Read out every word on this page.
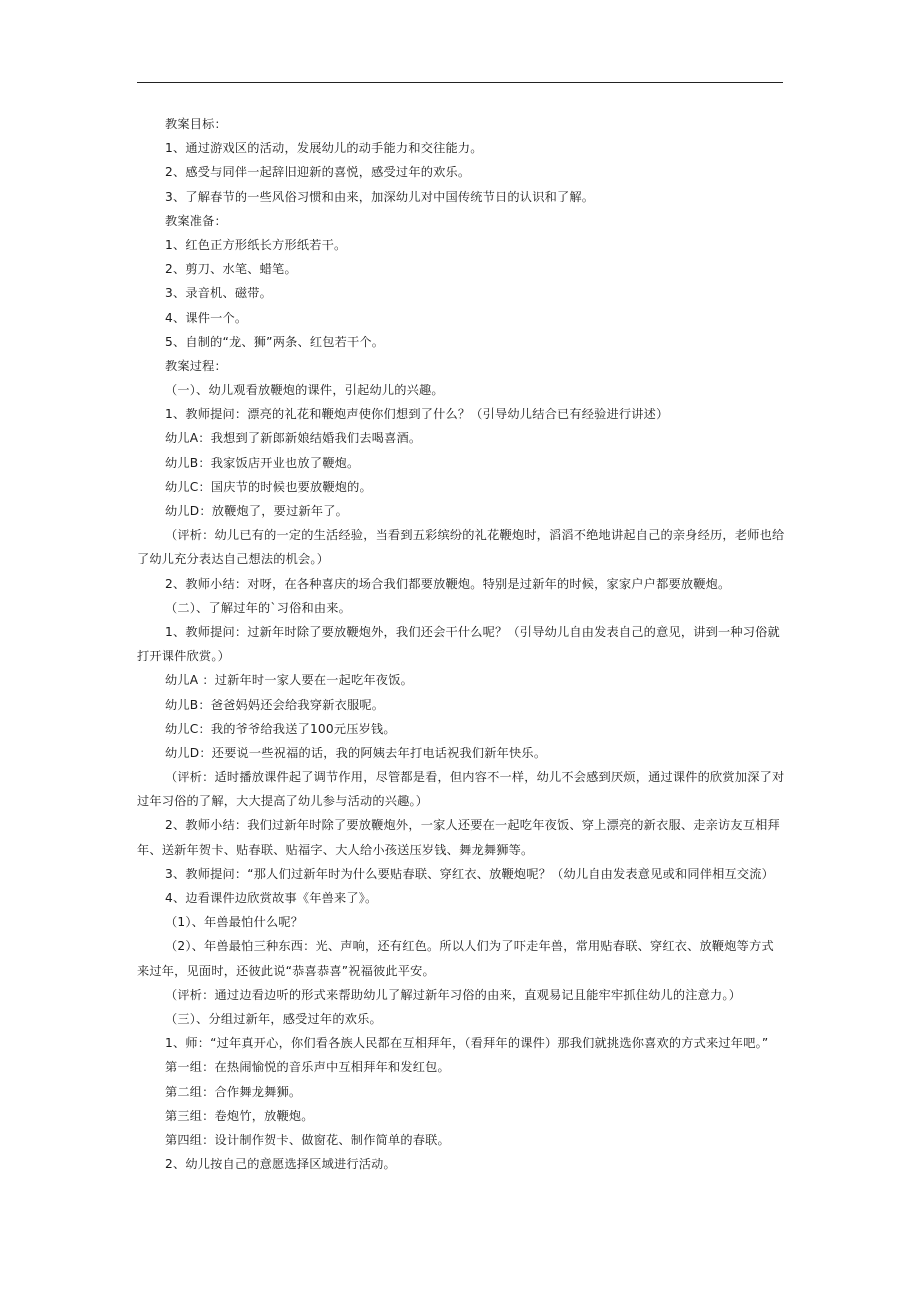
教案目标：
1、通过游戏区的活动，发展幼儿的动手能力和交往能力。
2、感受与同伴一起辞旧迎新的喜悦，感受过年的欢乐。
3、了解春节的一些风俗习惯和由来，加深幼儿对中国传统节日的认识和了解。
教案准备：
1、红色正方形纸长方形纸若干。
2、剪刀、水笔、蜡笔。
3、录音机、磁带。
4、课件一个。
5、自制的“龙、狮”两条、红包若干个。
教案过程：
（一）、幼儿观看放鞭炮的课件，引起幼儿的兴趣。
1、教师提问：漂亮的礼花和鞭炮声使你们想到了什么？（引导幼儿结合已有经验进行讲述）
幼儿A：我想到了新郎新娘结婚我们去喝喜酒。
幼儿B：我家饭店开业也放了鞭炮。
幼儿C：国庆节的时候也要放鞭炮的。
幼儿D：放鞭炮了，要过新年了。
（评析：幼儿已有的一定的生活经验，当看到五彩缤纷的礼花鞭炮时，滔滔不绝地讲起自己的亲身经历，老师也给
了幼儿充分表达自己想法的机会。）
2、教师小结：对呀，在各种喜庆的场合我们都要放鞭炮。特别是过新年的时候，家家户户都要放鞭炮。
（二）、了解过年的`习俗和由来。
1、教师提问：过新年时除了要放鞭炮外，我们还会干什么呢？（引导幼儿自由发表自己的意见，讲到一种习俗就
打开课件欣赏。）
幼儿A ：过新年时一家人要在一起吃年夜饭。
幼儿B：爸爸妈妈还会给我穿新衣服呢。
幼儿C：我的爷爷给我送了100元压岁钱。
幼儿D：还要说一些祝福的话，我的阿姨去年打电话祝我们新年快乐。
（评析：适时播放课件起了调节作用，尽管都是看，但内容不一样，幼儿不会感到厌烦，通过课件的欣赏加深了对
过年习俗的了解，大大提高了幼儿参与活动的兴趣。）
2、教师小结：我们过新年时除了要放鞭炮外，一家人还要在一起吃年夜饭、穿上漂亮的新衣服、走亲访友互相拜
年、送新年贺卡、贴春联、贴福字、大人给小孩送压岁钱、舞龙舞狮等。
3、教师提问：“那人们过新年时为什么要贴春联、穿红衣、放鞭炮呢？（幼儿自由发表意见或和同伴相互交流）
4、边看课件边欣赏故事《年兽来了》。
（1）、年兽最怕什么呢？
（2）、年兽最怕三种东西：光、声响，还有红色。所以人们为了吓走年兽，常用贴春联、穿红衣、放鞭炮等方式
来过年，见面时，还彼此说“恭喜恭喜”祝福彼此平安。
（评析：通过边看边听的形式来帮助幼儿了解过新年习俗的由来，直观易记且能牢牢抓住幼儿的注意力。）
（三）、分组过新年，感受过年的欢乐。
1、师：“过年真开心，你们看各族人民都在互相拜年，（看拜年的课件）那我们就挑选你喜欢的方式来过年吧。”
第一组：在热闹愉悦的音乐声中互相拜年和发红包。
第二组：合作舞龙舞狮。
第三组：卷炮竹，放鞭炮。
第四组：设计制作贺卡、做窗花、制作简单的春联。
2、幼儿按自己的意愿选择区域进行活动。
